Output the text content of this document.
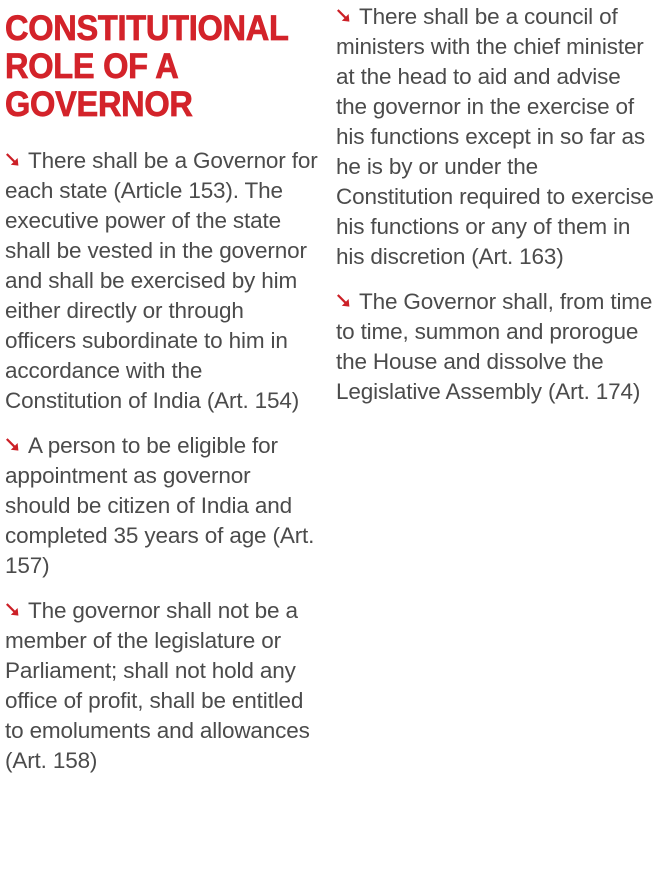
CONSTITUTIONAL ROLE OF A GOVERNOR

There shall be a Governor for each state (Article 153). The executive power of the state shall be vested in the governor and shall be exercised by him either directly or through officers subordinate to him in accordance with the Constitution of India (Art. 154)

A person to be eligible for appointment as governor should be citizen of India and completed 35 years of age (Art. 157)

The governor shall not be a member of the legislature or Parliament; shall not hold any office of profit, shall be entitled to emoluments and allowances (Art. 158)

There shall be a council of ministers with the chief minister at the head to aid and advise the governor in the exercise of his functions except in so far as he is by or under the Constitution required to exercise his functions or any of them in his discretion (Art. 163)

The Governor shall, from time to time, summon and prorogue the House and dissolve the Legislative Assembly (Art. 174)
